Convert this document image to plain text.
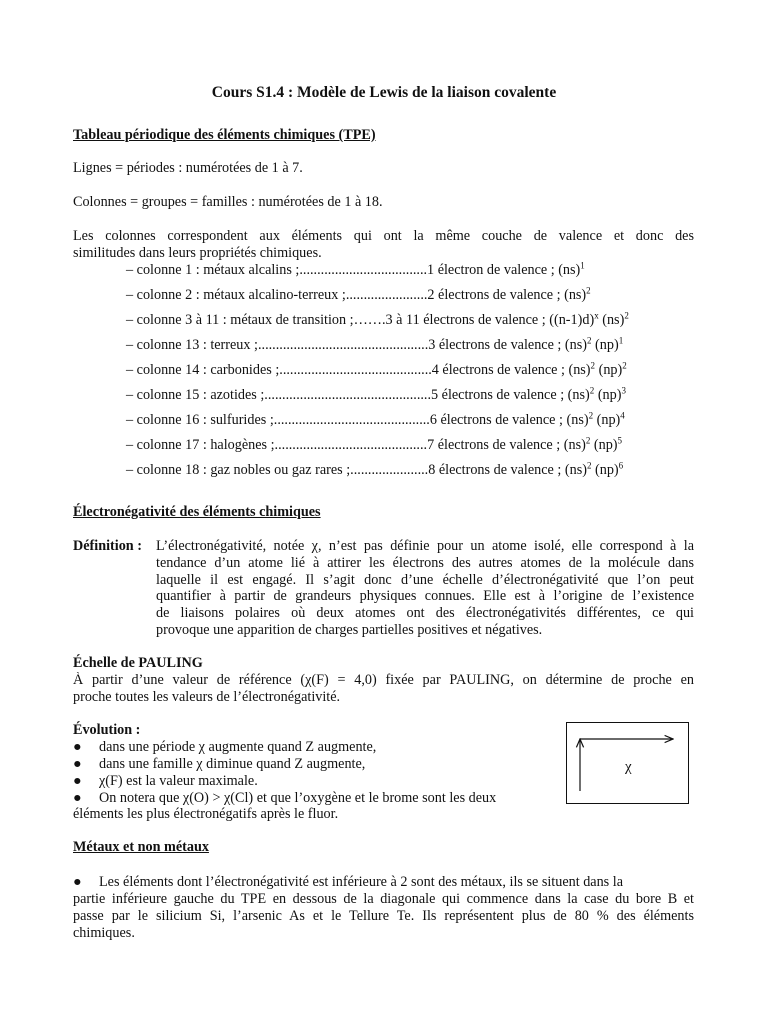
Cours S1.4 : Modèle de Lewis de la liaison covalente
Tableau périodique des éléments chimiques (TPE)
Lignes = périodes : numérotées de 1 à 7.
Colonnes = groupes = familles : numérotées de 1 à 18.
Les colonnes correspondent aux éléments qui ont la même couche de valence et donc des
similitudes dans leurs propriétés chimiques.
– colonne 1 : métaux alcalins ;....................................1 électron de valence ; (ns)$^1$
– colonne 2 : métaux alcalino-terreux ;.......................2 électrons de valence ; (ns)$^2$
– colonne 3 à 11 : métaux de transition ;…….3 à 11 électrons de valence ; $((n-1)d)^x$ (ns)$^2$
– colonne 13 : terreux ;................................................3 électrons de valence ; (ns)$^2$ (np)$^1$
– colonne 14 : carbonides ;...........................................4 électrons de valence ; (ns)$^2$ (np)$^2$
– colonne 15 : azotides ;...............................................5 électrons de valence ; (ns)$^2$ (np)$^3$
– colonne 16 : sulfurides ;............................................6 électrons de valence ; (ns)$^2$ (np)$^4$
– colonne 17 : halogènes ;...........................................7 électrons de valence ; (ns)$^2$ (np)$^5$
– colonne 18 : gaz nobles ou gaz rares ;......................8 électrons de valence ; (ns)$^2$ (np)$^6$
Électronégativité des éléments chimiques
Définition : L’électronégativité, notée χ, n’est pas définie pour un atome isolé, elle correspond à la
tendance d’un atome lié à attirer les électrons des autres atomes de la molécule dans
laquelle il est engagé. Il s’agit donc d’une échelle d’électronégativité que l’on peut
quantifier à partir de grandeurs physiques connues. Elle est à l’origine de l’existence
de liaisons polaires où deux atomes ont des électronégativités différentes, ce qui
provoque une apparition de charges partielles positives et négatives.
Échelle de PAULING
À partir d’une valeur de référence (χ(F) = 4,0) fixée par PAULING, on détermine de proche en
proche toutes les valeurs de l’électronégativité.
Évolution :
● dans une période χ augmente quand Z augmente,
● dans une famille χ diminue quand Z augmente,
● χ(F) est la valeur maximale.
● On notera que χ(O) > χ(Cl) et que l’oxygène et le brome sont les deux
éléments les plus électronégatifs après le fluor.
χ
Métaux et non métaux
● Les éléments dont l’électronégativité est inférieure à 2 sont des métaux, ils se situent dans la
partie inférieure gauche du TPE en dessous de la diagonale qui commence dans la case du bore B et
passe par le silicium Si, l’arsenic As et le Tellure Te. Ils représentent plus de 80 % des éléments
chimiques.
